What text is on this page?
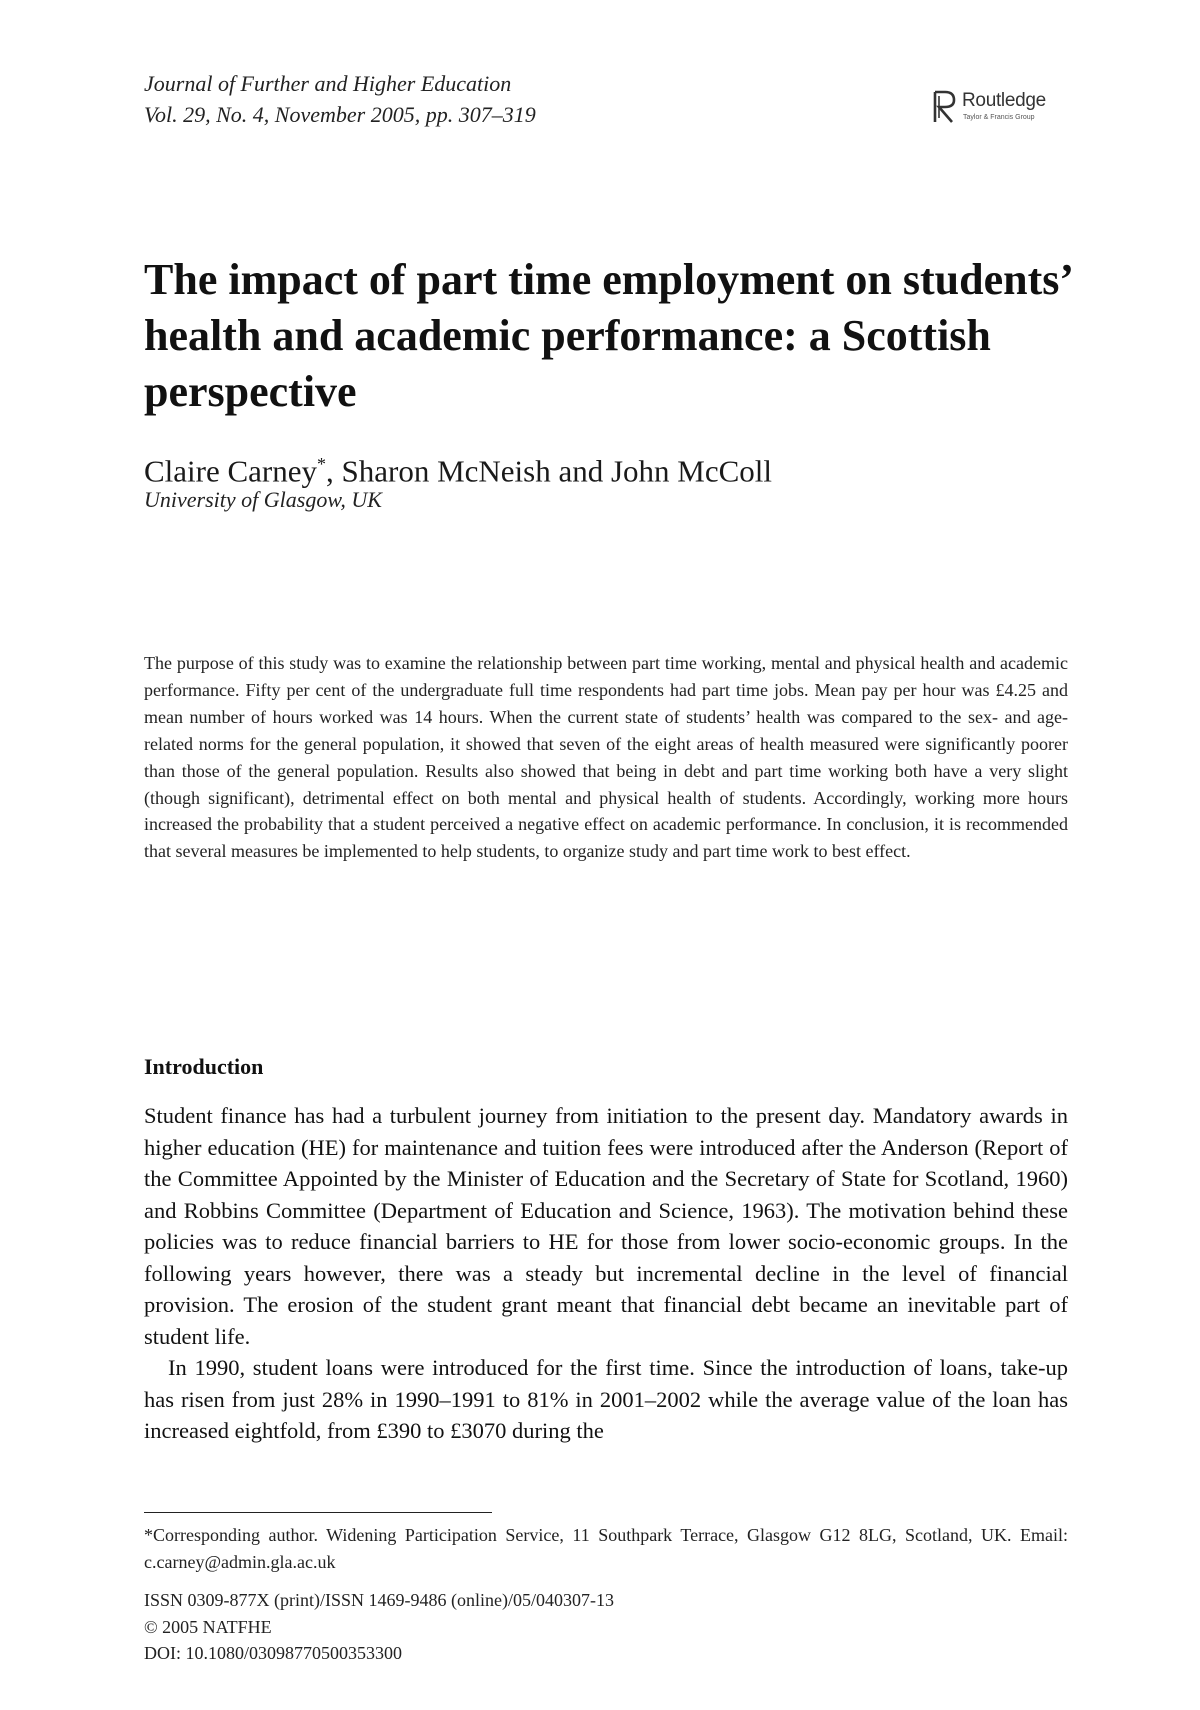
Journal of Further and Higher Education
Vol. 29, No. 4, November 2005, pp. 307–319
Routledge
Taylor & Francis Group
The impact of part time employment on students’ health and academic performance: a Scottish perspective
Claire Carney*, Sharon McNeish and John McColl
University of Glasgow, UK

The purpose of this study was to examine the relationship between part time working, mental and physical health and academic performance. Fifty per cent of the undergraduate full time respondents had part time jobs. Mean pay per hour was £4.25 and mean number of hours worked was 14 hours. When the current state of students’ health was compared to the sex- and age-related norms for the general population, it showed that seven of the eight areas of health measured were significantly poorer than those of the general population. Results also showed that being in debt and part time working both have a very slight (though significant), detrimental effect on both mental and physical health of students. Accordingly, working more hours increased the probability that a student perceived a negative effect on academic performance. In conclusion, it is recommended that several measures be implemented to help students, to organize study and part time work to best effect.

Introduction

Student finance has had a turbulent journey from initiation to the present day. Mandatory awards in higher education (HE) for maintenance and tuition fees were introduced after the Anderson (Report of the Committee Appointed by the Minister of Education and the Secretary of State for Scotland, 1960) and Robbins Committee (Department of Education and Science, 1963). The motivation behind these policies was to reduce financial barriers to HE for those from lower socio-economic groups. In the following years however, there was a steady but incremental decline in the level of financial provision. The erosion of the student grant meant that financial debt became an inevitable part of student life.

In 1990, student loans were introduced for the first time. Since the introduction of loans, take-up has risen from just 28% in 1990–1991 to 81% in 2001–2002 while the average value of the loan has increased eightfold, from £390 to £3070 during the

*Corresponding author. Widening Participation Service, 11 Southpark Terrace, Glasgow G12 8LG, Scotland, UK. Email: c.carney@admin.gla.ac.uk
ISSN 0309-877X (print)/ISSN 1469-9486 (online)/05/040307-13
© 2005 NATFHE
DOI: 10.1080/03098770500353300
